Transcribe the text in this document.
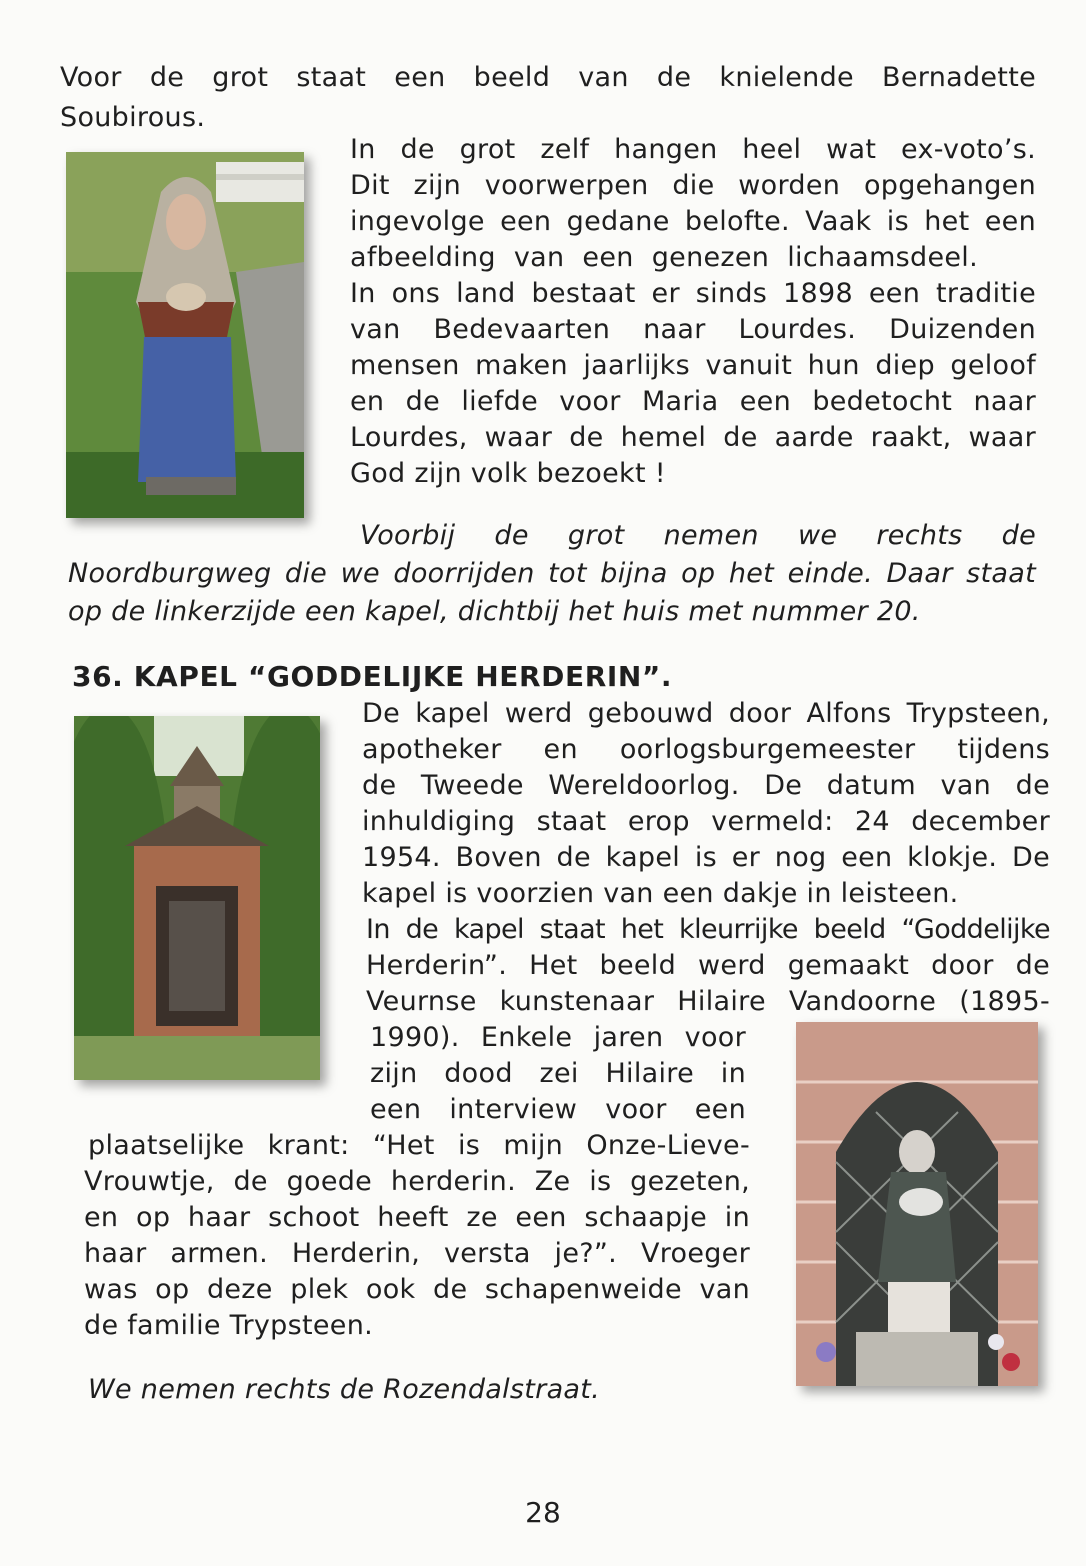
Voor de grot staat een beeld van de knielende Bernadette
Soubirous.
In de grot zelf hangen heel wat ex-voto’s.
Dit zijn voorwerpen die worden opgehangen
ingevolge een gedane belofte. Vaak is het een
afbeelding van een genezen lichaamsdeel.
In ons land bestaat er sinds 1898 een traditie
van Bedevaarten naar Lourdes. Duizenden
mensen maken jaarlijks vanuit hun diep geloof
en de liefde voor Maria een bedetocht naar
Lourdes, waar de hemel de aarde raakt, waar
God zijn volk bezoekt !
Voorbij de grot nemen we rechts de
Noordburgweg die we doorrijden tot bijna op het einde. Daar staat
op de linkerzijde een kapel, dichtbij het huis met nummer 20.
36. KAPEL “GODDELIJKE HERDERIN”.
De kapel werd gebouwd door Alfons Trypsteen,
apotheker en oorlogsburgemeester tijdens
de Tweede Wereldoorlog. De datum van de
inhuldiging staat erop vermeld: 24 december
1954. Boven de kapel is er nog een klokje. De
kapel is voorzien van een dakje in leisteen.
In de kapel staat het kleurrijke beeld “Goddelijke
Herderin”. Het beeld werd gemaakt door de
Veurnse kunstenaar Hilaire Vandoorne (1895-
1990). Enkele jaren voor
zijn dood zei Hilaire in
een interview voor een
plaatselijke krant: “Het is mijn Onze-Lieve-
Vrouwtje, de goede herderin. Ze is gezeten,
en op haar schoot heeft ze een schaapje in
haar armen. Herderin, versta je?”. Vroeger
was op deze plek ook de schapenweide van
de familie Trypsteen.
We nemen rechts de Rozendalstraat.
28
